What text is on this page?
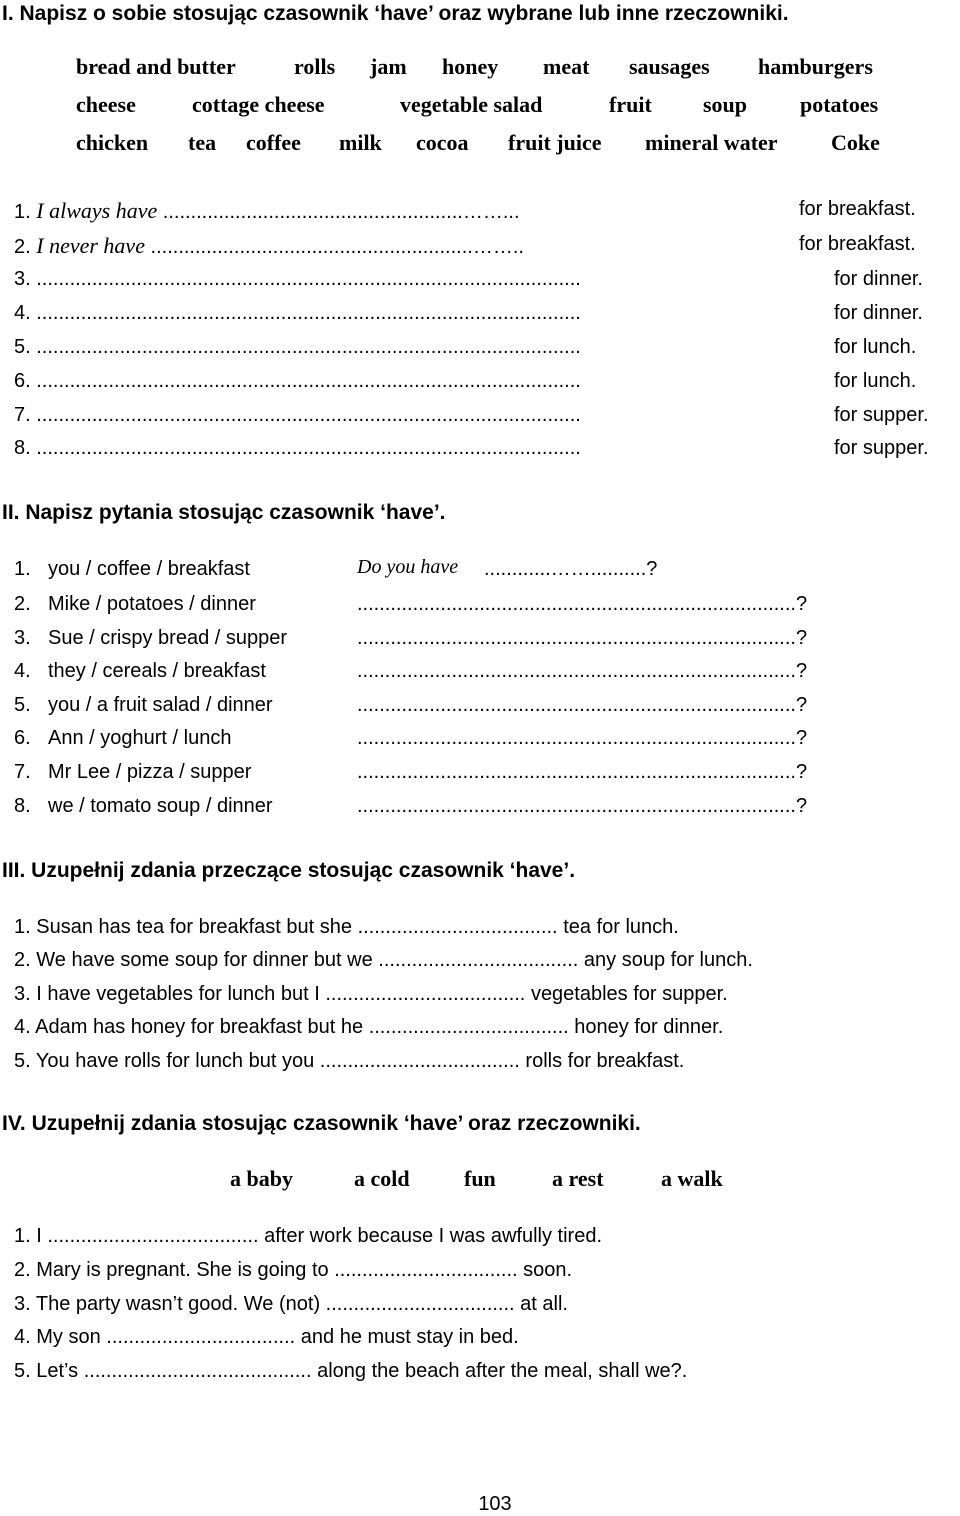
I. Napisz o sobie stosując czasownik ‘have’ oraz wybrane lub inne rzeczowniki.
bread and butter	rolls jam honey meat sausages hamburgers
cheese	cottage cheese	vegetable salad	fruit soup potatoes
chicken tea coffee milk cocoa fruit juice mineral water Coke
1. I always have ......................................................……...	for breakfast.
2. I never have ..........................................................……..	for breakfast.
3. ..................................................................................................	for dinner.
4. ..................................................................................................	for dinner.
5. ..................................................................................................	for lunch.
6. ..................................................................................................	for lunch.
7. ..................................................................................................	for supper.
8. ..................................................................................................	for supper.
II. Napisz pytania stosując czasownik ‘have’.
1. you / coffee / breakfast	Do you have ............……..........?
2. Mike / potatoes / dinner	...............................................................................?
3. Sue / crispy bread / supper	...............................................................................?
4. they / cereals / breakfast	...............................................................................?
5. you / a fruit salad / dinner	...............................................................................?
6. Ann / yoghurt / lunch	...............................................................................?
7. Mr Lee / pizza / supper	...............................................................................?
8. we / tomato soup / dinner	...............................................................................?
III. Uzupełnij zdania przeczące stosując czasownik ‘have’.
1. Susan has tea for breakfast but she .................................... tea for lunch.
2. We have some soup for dinner but we .................................... any soup for lunch.
3. I have vegetables for lunch but I .................................... vegetables for supper.
4. Adam has honey for breakfast but he .................................... honey for dinner.
5. You have rolls for lunch but you .................................... rolls for breakfast.
IV. Uzupełnij zdania stosując czasownik ‘have’ oraz rzeczowniki.
a baby	a cold fun	a rest	a walk
1. I ...................................... after work because I was awfully tired.
2. Mary is pregnant. She is going to ................................. soon.
3. The party wasn’t good. We (not) .................................. at all.
4. My son .................................. and he must stay in bed.
5. Let’s ......................................... along the beach after the meal, shall we?.
103
